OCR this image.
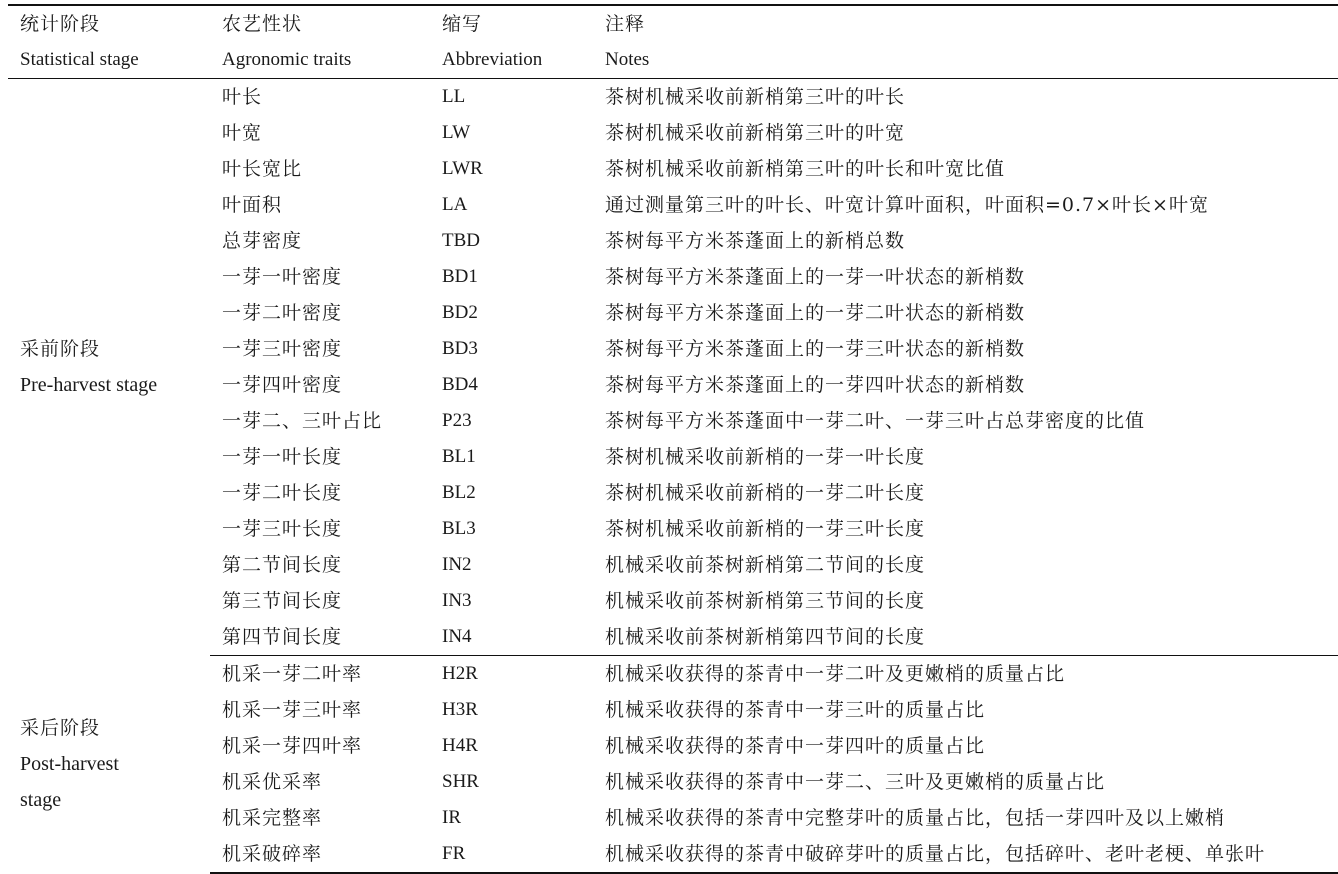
统计阶段	农艺性状	缩写	注释
Statistical stage	Agronomic traits	Abbreviation	Notes

采前阶段
Pre-harvest stage	叶长	LL	茶树机械采收前新梢第三叶的叶长
	叶宽	LW	茶树机械采收前新梢第三叶的叶宽
	叶长宽比	LWR	茶树机械采收前新梢第三叶的叶长和叶宽比值
	叶面积	LA	通过测量第三叶的叶长、叶宽计算叶面积，叶面积=0.7×叶长×叶宽
	总芽密度	TBD	茶树每平方米茶蓬面上的新梢总数
	一芽一叶密度	BD1	茶树每平方米茶蓬面上的一芽一叶状态的新梢数
	一芽二叶密度	BD2	茶树每平方米茶蓬面上的一芽二叶状态的新梢数
	一芽三叶密度	BD3	茶树每平方米茶蓬面上的一芽三叶状态的新梢数
	一芽四叶密度	BD4	茶树每平方米茶蓬面上的一芽四叶状态的新梢数
	一芽二、三叶占比	P23	茶树每平方米茶蓬面中一芽二叶、一芽三叶占总芽密度的比值
	一芽一叶长度	BL1	茶树机械采收前新梢的一芽一叶长度
	一芽二叶长度	BL2	茶树机械采收前新梢的一芽二叶长度
	一芽三叶长度	BL3	茶树机械采收前新梢的一芽三叶长度
	第二节间长度	IN2	机械采收前茶树新梢第二节间的长度
	第三节间长度	IN3	机械采收前茶树新梢第三节间的长度
	第四节间长度	IN4	机械采收前茶树新梢第四节间的长度

采后阶段
Post-harvest
stage	机采一芽二叶率	H2R	机械采收获得的茶青中一芽二叶及更嫩梢的质量占比
	机采一芽三叶率	H3R	机械采收获得的茶青中一芽三叶的质量占比
	机采一芽四叶率	H4R	机械采收获得的茶青中一芽四叶的质量占比
	机采优采率	SHR	机械采收获得的茶青中一芽二、三叶及更嫩梢的质量占比
	机采完整率	IR	机械采收获得的茶青中完整芽叶的质量占比，包括一芽四叶及以上嫩梢
	机采破碎率	FR	机械采收获得的茶青中破碎芽叶的质量占比，包括碎叶、老叶老梗、单张叶
